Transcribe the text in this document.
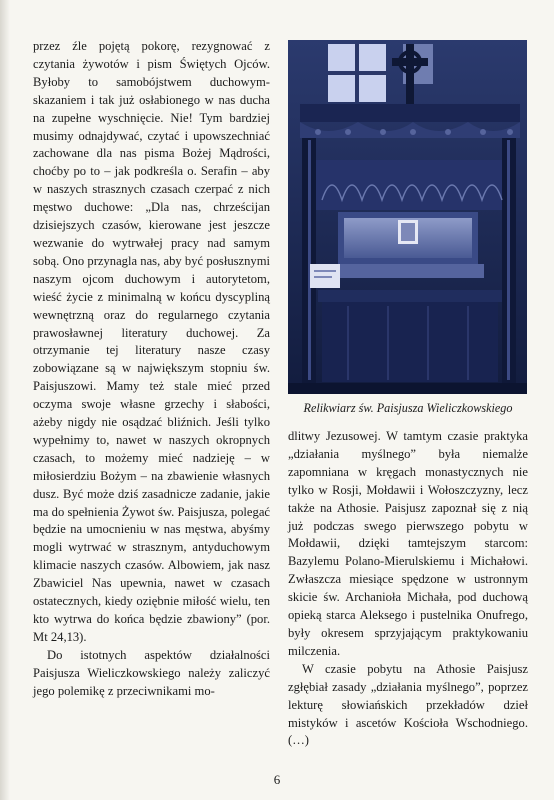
przez źle pojętą pokorę, rezygnować z czytania żywotów i pism Świętych Ojców. Byłoby to samobójstwem duchowym-skazaniem i tak już osłabionego w nas ducha na zupełne wyschnięcie. Nie! Tym bardziej musimy odnajdywać, czytać i upowszechniać zachowane dla nas pisma Bożej Mądrości, choćby po to – jak podkreśla o. Serafin – aby w naszych strasznych czasach czerpać z nich męstwo duchowe: „Dla nas, chrześcijan dzisiejszych czasów, kierowane jest jeszcze wezwanie do wytrwałej pracy nad samym sobą. Ono przynagla nas, aby być posłusznymi naszym ojcom duchowym i autorytetom, wieść życie z minimalną w końcu dyscypliną wewnętrzną oraz do regularnego czytania prawosławnej literatury duchowej. Za otrzymanie tej literatury nasze czasy zobowiązane są w największym stopniu św. Paisjuszowi. Mamy też stale mieć przed oczyma swoje własne grzechy i słabości, ażeby nigdy nie osądzać bliźnich. Jeśli tylko wypełnimy to, nawet w naszych okropnych czasach, to możemy mieć nadzieję – w miłosierdziu Bożym – na zbawienie własnych dusz. Być może dziś zasadnicze zadanie, jakie ma do spełnienia Żywot św. Paisjusza, polegać będzie na umocnieniu w nas męstwa, abyśmy mogli wytrwać w strasznym, antyduchowym klimacie naszych czasów. Albowiem, jak nasz Zbawiciel Nas upewnia, nawet w czasach ostatecznych, kiedy oziębnie miłość wielu, ten kto wytrwa do końca będzie zbawiony” (por. Mt 24,13).

Do istotnych aspektów działalności Paisjusza Wieliczkowskiego należy zaliczyć jego polemikę z przeciwnikami mo-

Relikwiarz św. Paisjusza Wieliczkowskiego

dlitwy Jezusowej. W tamtym czasie praktyka „działania myślnego” była niemalże zapomniana w kręgach monastycznych nie tylko w Rosji, Mołdawii i Wołoszczyzny, lecz także na Athosie. Paisjusz zapoznał się z nią już podczas swego pierwszego pobytu w Mołdawii, dzięki tamtejszym starcom: Bazylemu Polano-Mierulskiemu i Michałowi. Zwłaszcza miesiące spędzone w ustronnym skicie św. Archanioła Michała, pod duchową opieką starca Aleksego i pustelnika Onufrego, były okresem sprzyjającym praktykowaniu milczenia.

W czasie pobytu na Athosie Paisjusz zgłębiał zasady „działania myślnego”, poprzez lekturę słowiańskich przekładów dzieł mistyków i ascetów Kościoła Wschodniego. (…)

6
